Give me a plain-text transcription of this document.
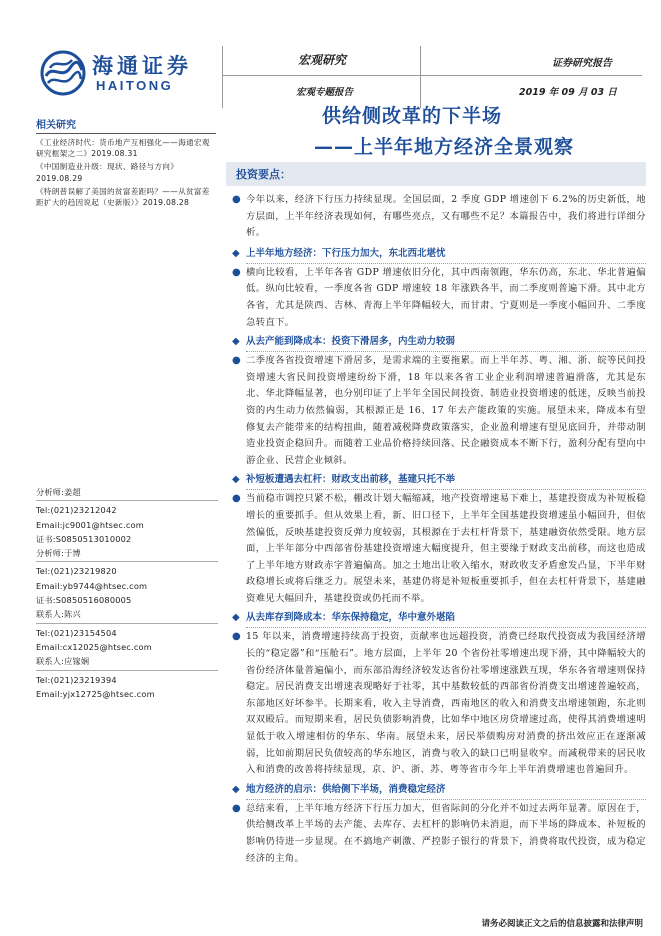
海通证券
HAITONG
宏观研究
宏观专题报告
证券研究报告
2019 年 09 月 03 日
相关研究
《工业经济时代：货币地产互相强化——海通宏观研究框架之二》2019.08.31
《中国制造业升级：现状、路径与方向》2019.08.29
《特朗普误解了美国的贫富差距吗？——从贫富差距扩大的趋因说起（史新版）》2019.08.28
分析师:姜超
Tel:(021)23212042
Email:jc9001@htsec.com
证书:S0850513010002
分析师:于博
Tel:(021)23219820
Email:yb9744@htsec.com
证书:S0850516080005
联系人:陈兴
Tel:(021)23154504
Email:cx12025@htsec.com
联系人:应镓娴
Tel:(021)23219394
Email:yjx12725@htsec.com
供给侧改革的下半场
——上半年地方经济全景观察
投资要点：
● 今年以来，经济下行压力持续显现。全国层面，2 季度 GDP 增速创下 6.2%的历史新低，地方层面，上半年经济表现如何，有哪些亮点，又有哪些不足？本篇报告中，我们将进行详细分析。
◆ 上半年地方经济：下行压力加大，东北西北堪忧
● 横向比较看，上半年各省 GDP 增速依旧分化，其中西南领跑，华东仍高，东北、华北普遍偏低。纵向比较看，一季度各省 GDP 增速较 18 年涨跌各半，而二季度则普遍下滑。其中北方各省，尤其是陕西、吉林、青海上半年降幅较大，而甘肃、宁夏则是一季度小幅回升、二季度急转直下。
◆ 从去产能到降成本：投资下滑居多，内生动力较弱
● 二季度各省投资增速下滑居多，是需求端的主要拖累。而上半年苏、粤、湘、浙、皖等民间投资增速大省民间投资增速纷纷下滑，18 年以来各省工业企业利润增速普遍滑落，尤其是东北、华北降幅显著，也分别印证了上半年全国民间投资、制造业投资增速的低迷，反映当前投资的内生动力依然偏弱，其根源正是 16、17 年去产能政策的实施。展望未来，降成本有望修复去产能带来的结构扭曲，随着减税降费政策落实，企业盈利增速有望见底回升，并带动制造业投资企稳回升。而随着工业品价格持续回落、民企融资成本不断下行，盈利分配有望向中游企业、民营企业倾斜。
◆ 补短板遭遇去杠杆：财政支出前移，基建只托不举
● 当前稳市调控只紧不松，棚改计划大幅缩减，地产投资增速易下难上，基建投资成为补短板稳增长的重要抓手。但从效果上看，新、旧口径下，上半年全国基建投资增速虽小幅回升，但依然偏低，反映基建投资反弹力度较弱，其根源在于去杠杆背景下，基建融资依然受限。地方层面，上半年部分中西部省份基建投资增速大幅度提升，但主要缘于财政支出前移，而这也造成了上半年地方财政赤字普遍偏高。加之土地出让收入缩水，财政收支矛盾愈发凸显，下半年财政稳增长或将后继乏力。展望未来，基建仍将是补短板重要抓手，但在去杠杆背景下，基建融资难见大幅回升，基建投资或仍托而不举。
◆ 从去库存到降成本：华东保持稳定，华中意外堪陷
● 15 年以来，消费增速持续高于投资，贡献率也远超投资，消费已经取代投资成为我国经济增长的“稳定器”和“压舱石”。地方层面，上半年 20 个省份社零增速出现下滑，其中降幅较大的省份经济体量普遍偏小，而东部沿海经济较发达省份社零增速涨跌互现，华东各省增速则保持稳定。居民消费支出增速表现略好于社零，其中基数较低的西部省份消费支出增速普遍较高，东部地区好坏参半。长期来看，收入主导消费，西南地区的收入和消费支出增速领跑，东北则双双殿后。而短期来看，居民负债影响消费，比如华中地区房贷增速过高，使得其消费增速明显低于收入增速相仿的华东、华南。展望未来，居民举债购房对消费的挤出效应正在逐渐减弱，比如前期居民负债较高的华东地区，消费与收入的缺口已明显收窄。而减税带来的居民收入和消费的改善将持续显现，京、沪、浙、苏、粤等省市今年上半年消费增速也普遍回升。
◆ 地方经济的启示：供给侧下半场，消费稳定经济
● 总结来看，上半年地方经济下行压力加大，但省际间的分化并不如过去两年显著。原因在于，供给侧改革上半场的去产能、去库存、去杠杆的影响仍未消退，而下半场的降成本、补短板的影响仍待进一步显现。在不搞地产刺激、严控影子银行的背景下，消费将取代投资，成为稳定经济的主角。
请务必阅读正文之后的信息披露和法律声明
